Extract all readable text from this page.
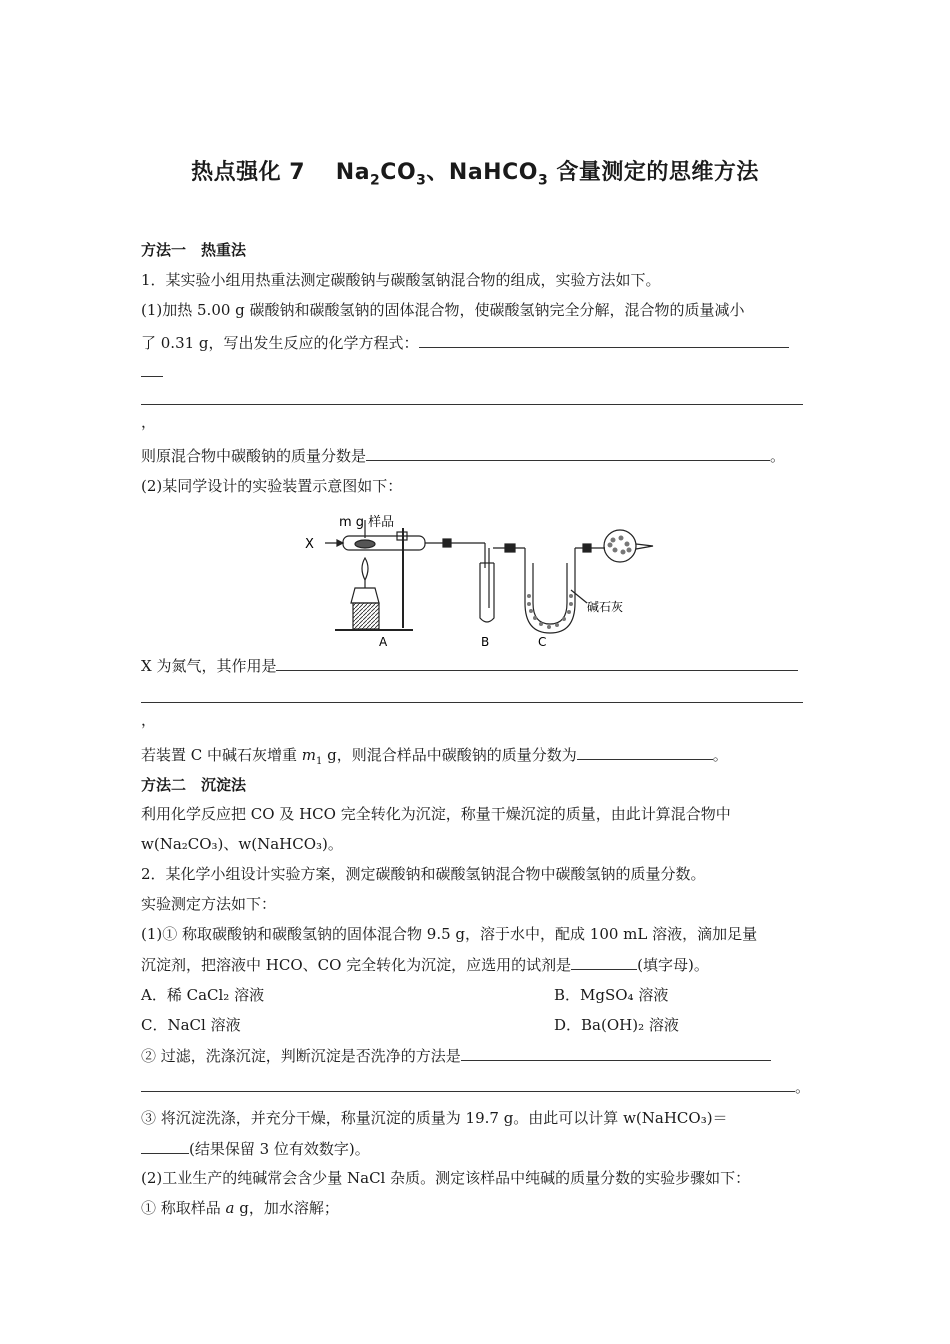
热点强化 7　 $Na_2CO_3$、NaHCO$_3$ 含量测定的思维方法
方法一　热重法
1．某实验小组用热重法测定碳酸钠与碳酸氢钠混合物的组成，实验方法如下。
(1)加热 5.00 g 碳酸钠和碳酸氢钠的固体混合物，使碳酸氢钠完全分解，混合物的质量减小
了 0.31 g，写出发生反应的化学方程式：
，
则原混合物中碳酸钠的质量分数是	。
(2)某同学设计的实验装置示意图如下：
m g 样品
X
A	B	C
碱石灰
X 为氮气，其作用是
，
若装置 C 中碱石灰增重 $m_1$ g，则混合样品中碳酸钠的质量分数为	。
方法二　沉淀法
利用化学反应把 CO 及 HCO 完全转化为沉淀，称量干燥沉淀的质量，由此计算混合物中
w(Na₂CO₃)、w(NaHCO₃)。
2．某化学小组设计实验方案，测定碳酸钠和碳酸氢钠混合物中碳酸氢钠的质量分数。
实验测定方法如下：
(1)① 称取碳酸钠和碳酸氢钠的固体混合物 9.5 g，溶于水中，配成 100 mL 溶液，滴加足量
沉淀剂，把溶液中 HCO、CO 完全转化为沉淀，应选用的试剂是	(填字母)。
A．稀 CaCl₂ 溶液	B．MgSO₄ 溶液
C．NaCl 溶液	D．Ba(OH)₂ 溶液
② 过滤，洗涤沉淀，判断沉淀是否洗净的方法是
。
③ 将沉淀洗涤，并充分干燥，称量沉淀的质量为 19.7 g。由此可以计算 w(NaHCO₃)＝
(结果保留 3 位有效数字)。
(2)工业生产的纯碱常会含少量 NaCl 杂质。测定该样品中纯碱的质量分数的实验步骤如下：
① 称取样品 a g，加水溶解；
